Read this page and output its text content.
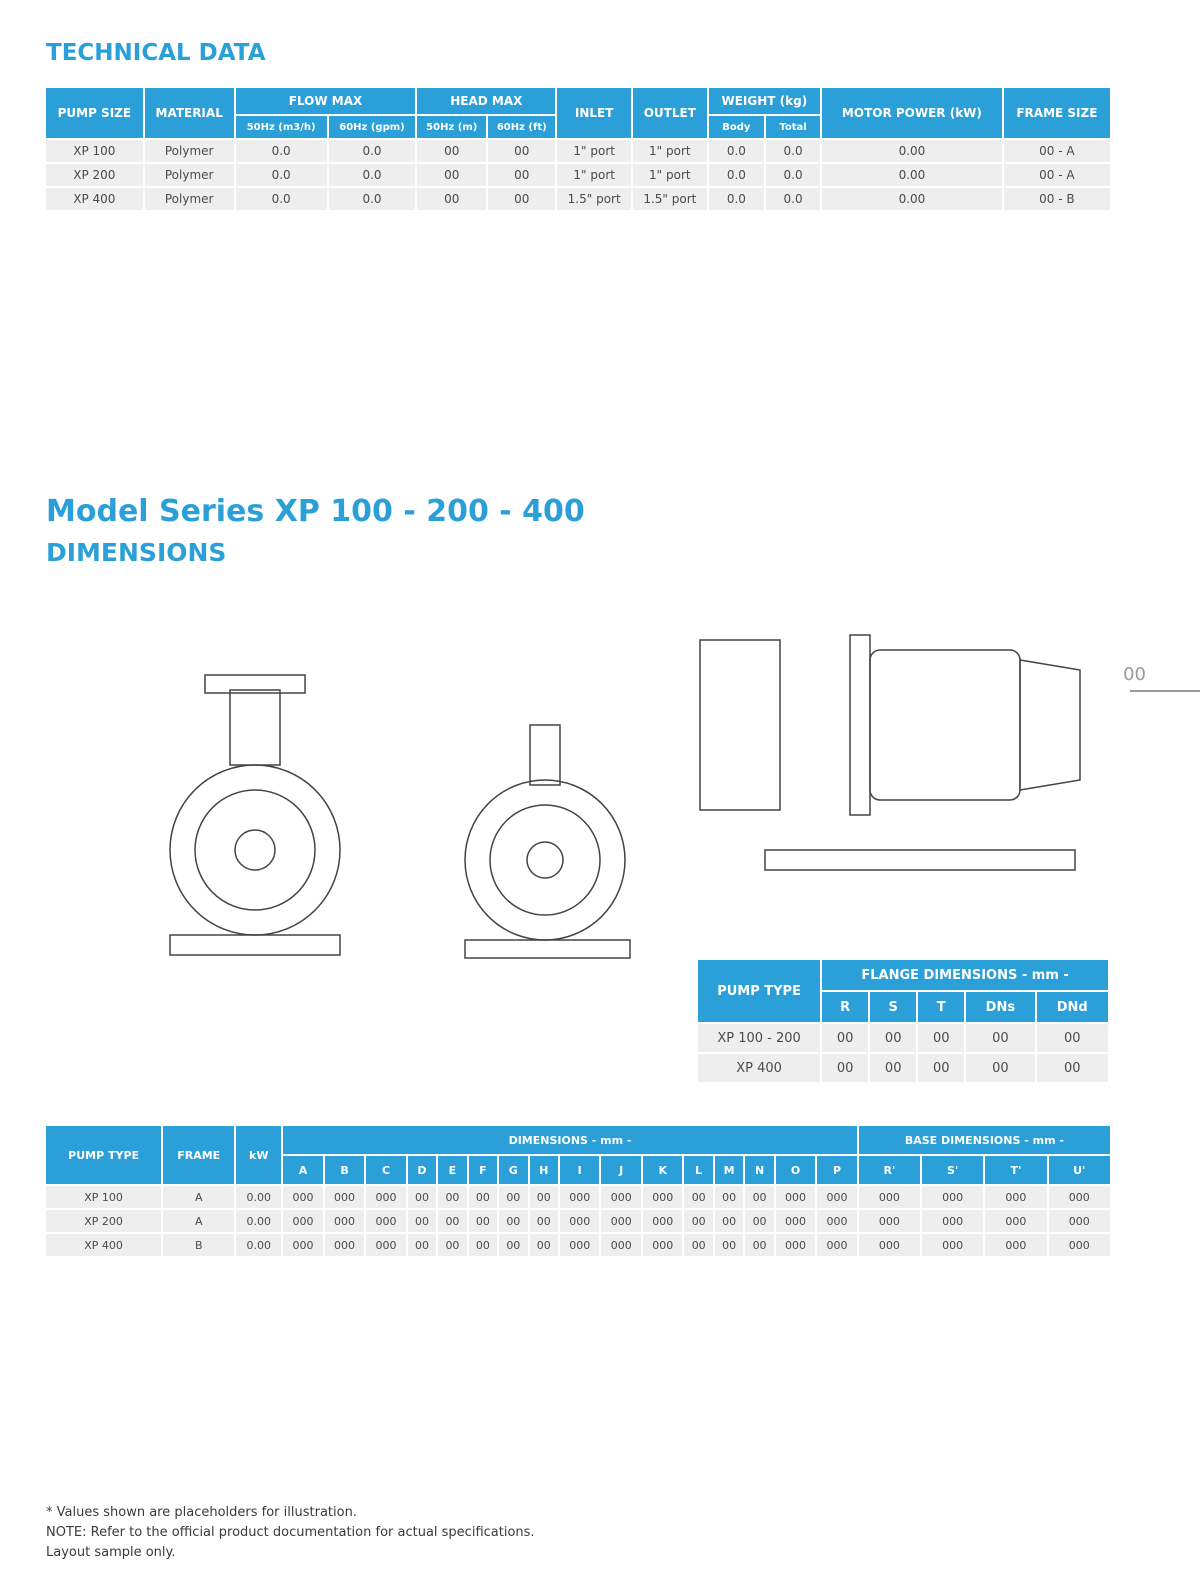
TECHNICAL DATA
Model Series XP 100 - 200 - 400
DIMENSIONS
00
PUMP SIZE	MATERIAL	FLOW MAX		HEAD MAX		INLET	OUTLET	WEIGHT (kg)		MOTOR POWER (kW)	FRAME SIZE
		50Hz (m3/h)	60Hz (gpm)	50Hz (m)	60Hz (ft)			Body	Total		
XP 100	Polymer	0.0	0.0	00	00	1" port	1" port	0.0	0.0	0.00	00 - A
XP 200	Polymer	0.0	0.0	00	00	1" port	1" port	0.0	0.0	0.00	00 - A
XP 400	Polymer	0.0	0.0	00	00	1.5" port	1.5" port	0.0	0.0	0.00	00 - B
PUMP TYPE	FLANGE DIMENSIONS - mm -				
	R	S	T	DNs	DNd
XP 100 - 200	00	00	00	00	00
XP 400	00	00	00	00	00
PUMP TYPE	FRAME	kW	DIMENSIONS - mm -																BASE DIMENSIONS - mm -			
			A	B	C	D	E	F	G	H	I	J	K	L	M	N	O	P	R'	S'	T'	U'
XP 100	A	0.00	000	000	000	00	00	00	00	00	000	000	000	00	00	00	000	000	000	000	000	000
XP 200	A	0.00	000	000	000	00	00	00	00	00	000	000	000	00	00	00	000	000	000	000	000	000
XP 400	B	0.00	000	000	000	00	00	00	00	00	000	000	000	00	00	00	000	000	000	000	000	000
* Values shown are placeholders for illustration.
NOTE: Refer to the official product documentation for actual specifications.
Layout sample only.
